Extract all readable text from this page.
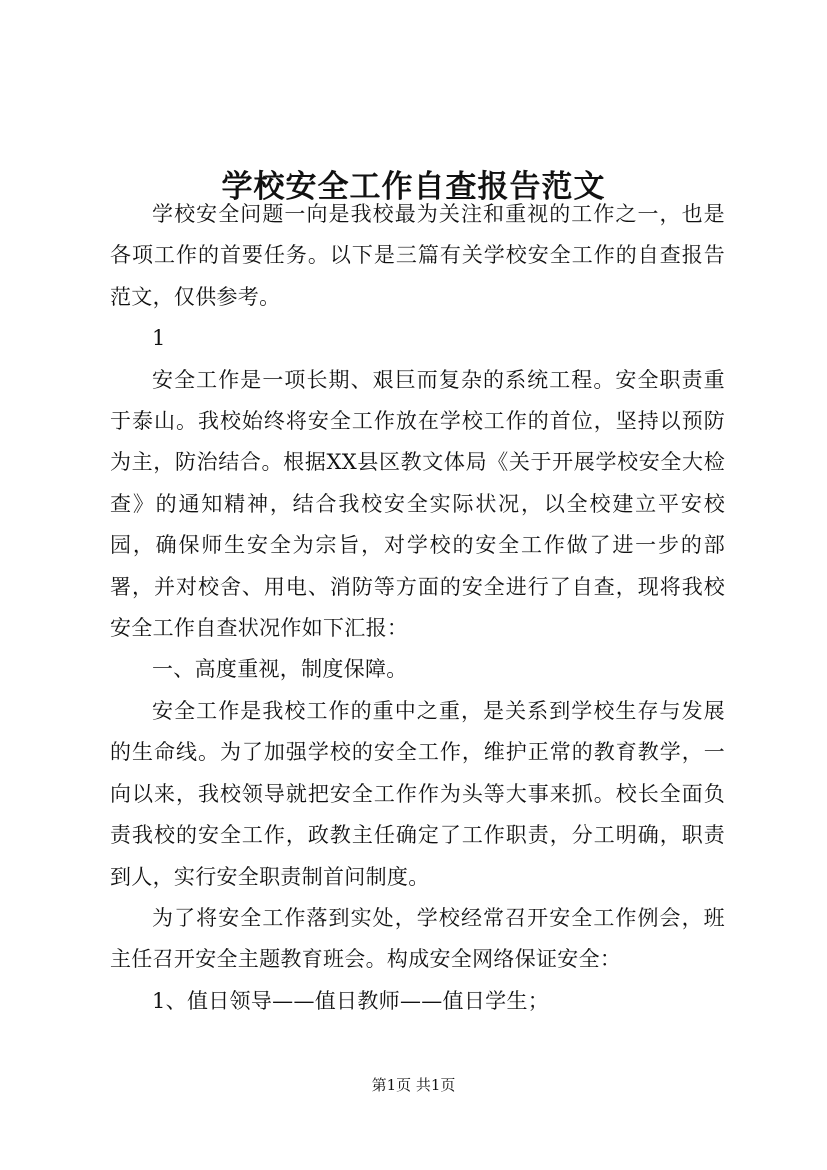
学校安全工作自查报告范文

学校安全问题一向是我校最为关注和重视的工作之一，也是各项工作的首要任务。以下是三篇有关学校安全工作的自查报告范文，仅供参考。

1

安全工作是一项长期、艰巨而复杂的系统工程。安全职责重于泰山。我校始终将安全工作放在学校工作的首位，坚持以预防为主，防治结合。根据XX县区教文体局《关于开展学校安全大检查》的通知精神，结合我校安全实际状况，以全校建立平安校园，确保师生安全为宗旨，对学校的安全工作做了进一步的部署，并对校舍、用电、消防等方面的安全进行了自查，现将我校安全工作自查状况作如下汇报：

一、高度重视，制度保障。

安全工作是我校工作的重中之重，是关系到学校生存与发展的生命线。为了加强学校的安全工作，维护正常的教育教学，一向以来，我校领导就把安全工作作为头等大事来抓。校长全面负责我校的安全工作，政教主任确定了工作职责，分工明确，职责到人，实行安全职责制首问制度。

为了将安全工作落到实处，学校经常召开安全工作例会，班主任召开安全主题教育班会。构成安全网络保证安全：

1、值日领导——值日教师——值日学生；

第1页 共1页
